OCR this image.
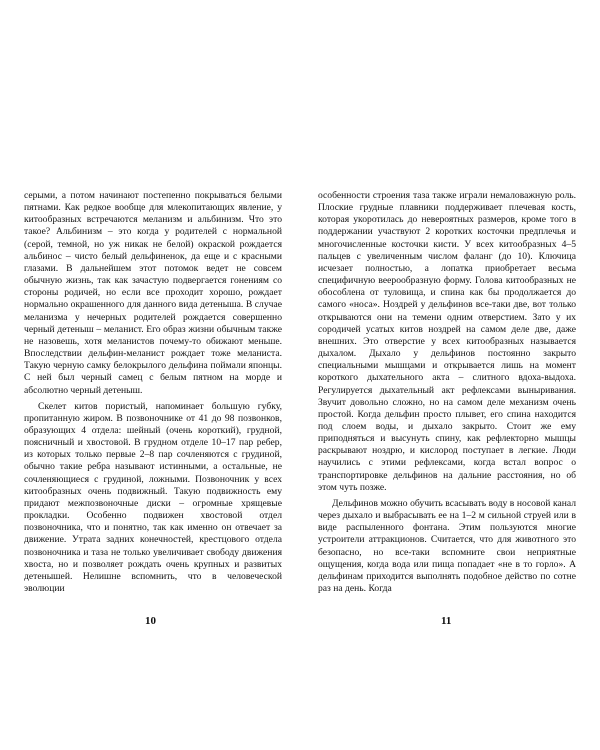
серыми, а потом начинают постепенно покрываться белыми пятнами. Как редкое вообще для млекопитающих явление, у китообразных встречаются меланизм и альбинизм. Что это такое? Альбинизм – это когда у родителей с нормальной (серой, темной, но уж никак не белой) окраской рождается альбинос – чисто белый дельфиненок, да еще и с красными глазами. В дальнейшем этот потомок ведет не совсем обычную жизнь, так как зачастую подвергается гонениям со стороны родичей, но если все проходит хорошо, рождает нормально окрашенного для данного вида детеныша. В случае меланизма у нечерных родителей рождается совершенно черный детеныш – меланист. Его образ жизни обычным также не назовешь, хотя меланистов почему-то обижают меньше. Впоследствии дельфин-меланист рождает тоже меланиста. Такую черную самку белокрылого дельфина поймали японцы. С ней был черный самец с белым пятном на морде и абсолютно черный детеныш.

Скелет китов пористый, напоминает большую губку, пропитанную жиром. В позвоночнике от 41 до 98 позвонков, образующих 4 отдела: шейный (очень короткий), грудной, поясничный и хвостовой. В грудном отделе 10–17 пар ребер, из которых только первые 2–8 пар сочленяются с грудиной, обычно такие ребра называют истинными, а остальные, не сочленяющиеся с грудиной, ложными. Позвоночник у всех китообразных очень подвижный. Такую подвижность ему придают межпозвоночные диски – огромные хрящевые прокладки. Особенно подвижен хвостовой отдел позвоночника, что и понятно, так как именно он отвечает за движение. Утрата задних конечностей, крестцового отдела позвоночника и таза не только увеличивает свободу движения хвоста, но и позволяет рождать очень крупных и развитых детенышей. Нелишне вспомнить, что в человеческой эволюции

10

особенности строения таза также играли немаловажную роль. Плоские грудные плавники поддерживает плечевая кость, которая укоротилась до невероятных размеров, кроме того в поддержании участвуют 2 коротких косточки предплечья и многочисленные косточки кисти. У всех китообразных 4–5 пальцев с увеличенным числом фаланг (до 10). Ключица исчезает полностью, а лопатка приобретает весьма специфичную веерообразную форму. Голова китообразных не обособлена от туловища, и спина как бы продолжается до самого «носа». Ноздрей у дельфинов все-таки две, вот только открываются они на темени одним отверстием. Зато у их сородичей усатых китов ноздрей на самом деле две, даже внешних. Это отверстие у всех китообразных называется дыхалом. Дыхало у дельфинов постоянно закрыто специальными мышцами и открывается лишь на момент короткого дыхательного акта – слитного вдоха-выдоха. Регулируется дыхательный акт рефлексами выныривания. Звучит довольно сложно, но на самом деле механизм очень простой. Когда дельфин просто плывет, его спина находится под слоем воды, и дыхало закрыто. Стоит же ему приподняться и высунуть спину, как рефлекторно мышцы раскрывают ноздрю, и кислород поступает в легкие. Люди научились с этими рефлексами, когда встал вопрос о транспортировке дельфинов на дальние расстояния, но об этом чуть позже.

Дельфинов можно обучить всасывать воду в носовой канал через дыхало и выбрасывать ее на 1–2 м сильной струей или в виде распыленного фонтана. Этим пользуются многие устроители аттракционов. Считается, что для животного это безопасно, но все-таки вспомните свои неприятные ощущения, когда вода или пища попадает «не в то горло». А дельфинам приходится выполнять подобное действо по сотне раз на день. Когда

11
